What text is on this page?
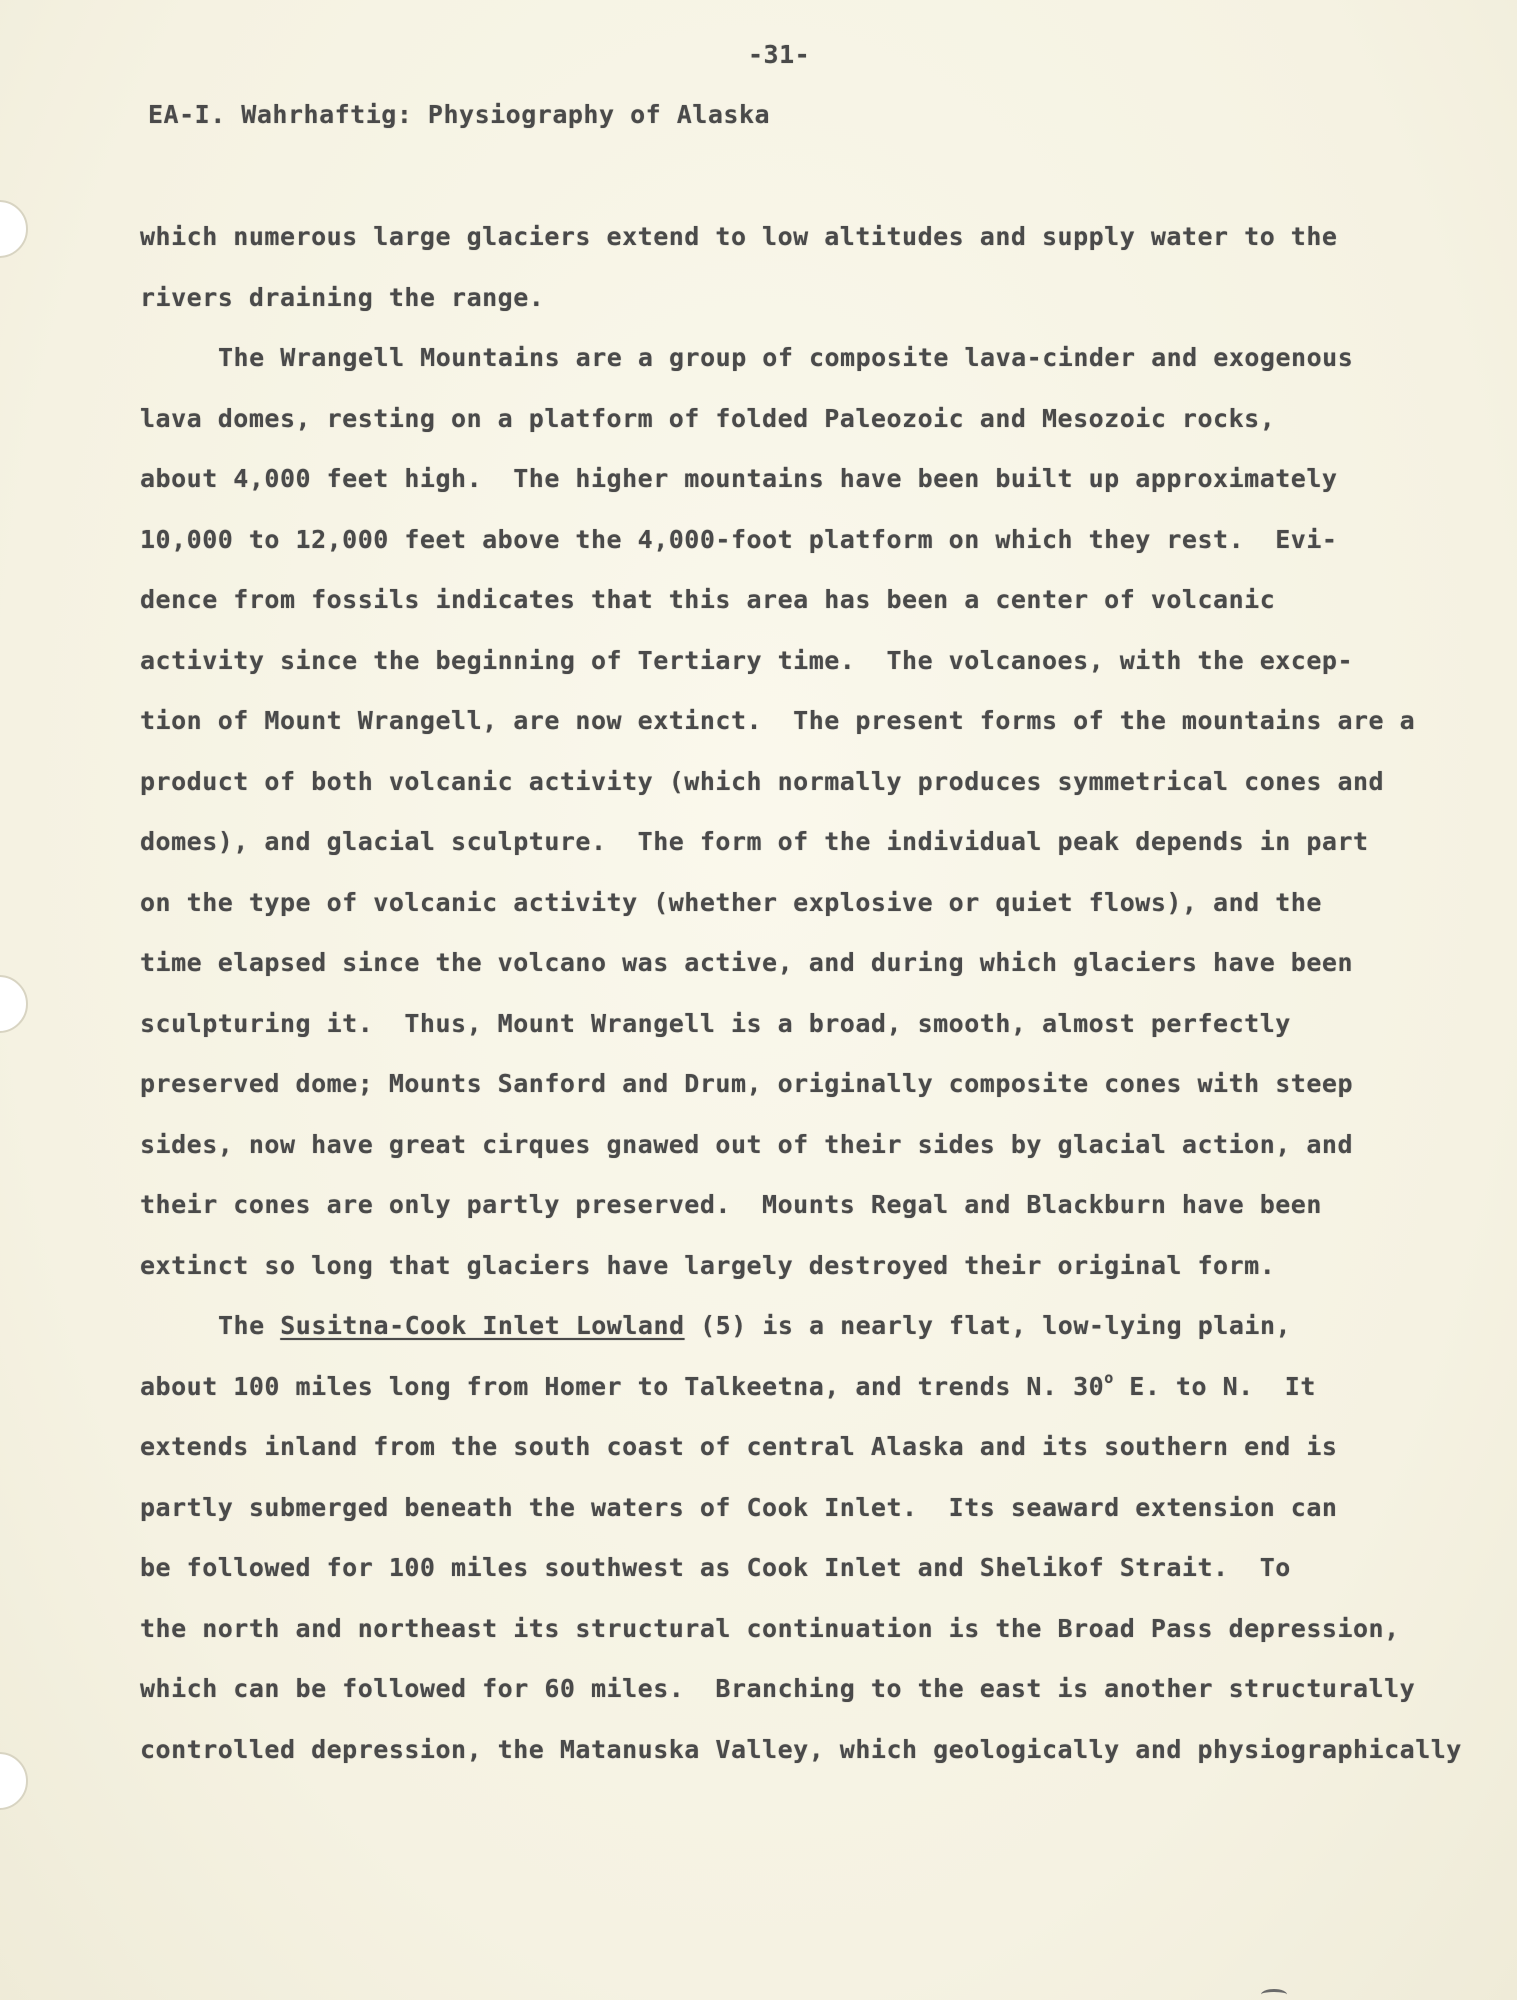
-31-
EA-I. Wahrhaftig: Physiography of Alaska
which numerous large glaciers extend to low altitudes and supply water to the
rivers draining the range.
The Wrangell Mountains are a group of composite lava-cinder and exogenous
lava domes, resting on a platform of folded Paleozoic and Mesozoic rocks,
about 4,000 feet high.  The higher mountains have been built up approximately
10,000 to 12,000 feet above the 4,000-foot platform on which they rest.  Evi-
dence from fossils indicates that this area has been a center of volcanic
activity since the beginning of Tertiary time.  The volcanoes, with the excep-
tion of Mount Wrangell, are now extinct.  The present forms of the mountains are a
product of both volcanic activity (which normally produces symmetrical cones and
domes), and glacial sculpture.  The form of the individual peak depends in part
on the type of volcanic activity (whether explosive or quiet flows), and the
time elapsed since the volcano was active, and during which glaciers have been
sculpturing it.  Thus, Mount Wrangell is a broad, smooth, almost perfectly
preserved dome; Mounts Sanford and Drum, originally composite cones with steep
sides, now have great cirques gnawed out of their sides by glacial action, and
their cones are only partly preserved.  Mounts Regal and Blackburn have been
extinct so long that glaciers have largely destroyed their original form.
The Susitna-Cook Inlet Lowland (5) is a nearly flat, low-lying plain,
about 100 miles long from Homer to Talkeetna, and trends N. 30$^o$ E. to N.  It
extends inland from the south coast of central Alaska and its southern end is
partly submerged beneath the waters of Cook Inlet.  Its seaward extension can
be followed for 100 miles southwest as Cook Inlet and Shelikof Strait.  To
the north and northeast its structural continuation is the Broad Pass depression,
which can be followed for 60 miles.  Branching to the east is another structurally
controlled depression, the Matanuska Valley, which geologically and physiographically
